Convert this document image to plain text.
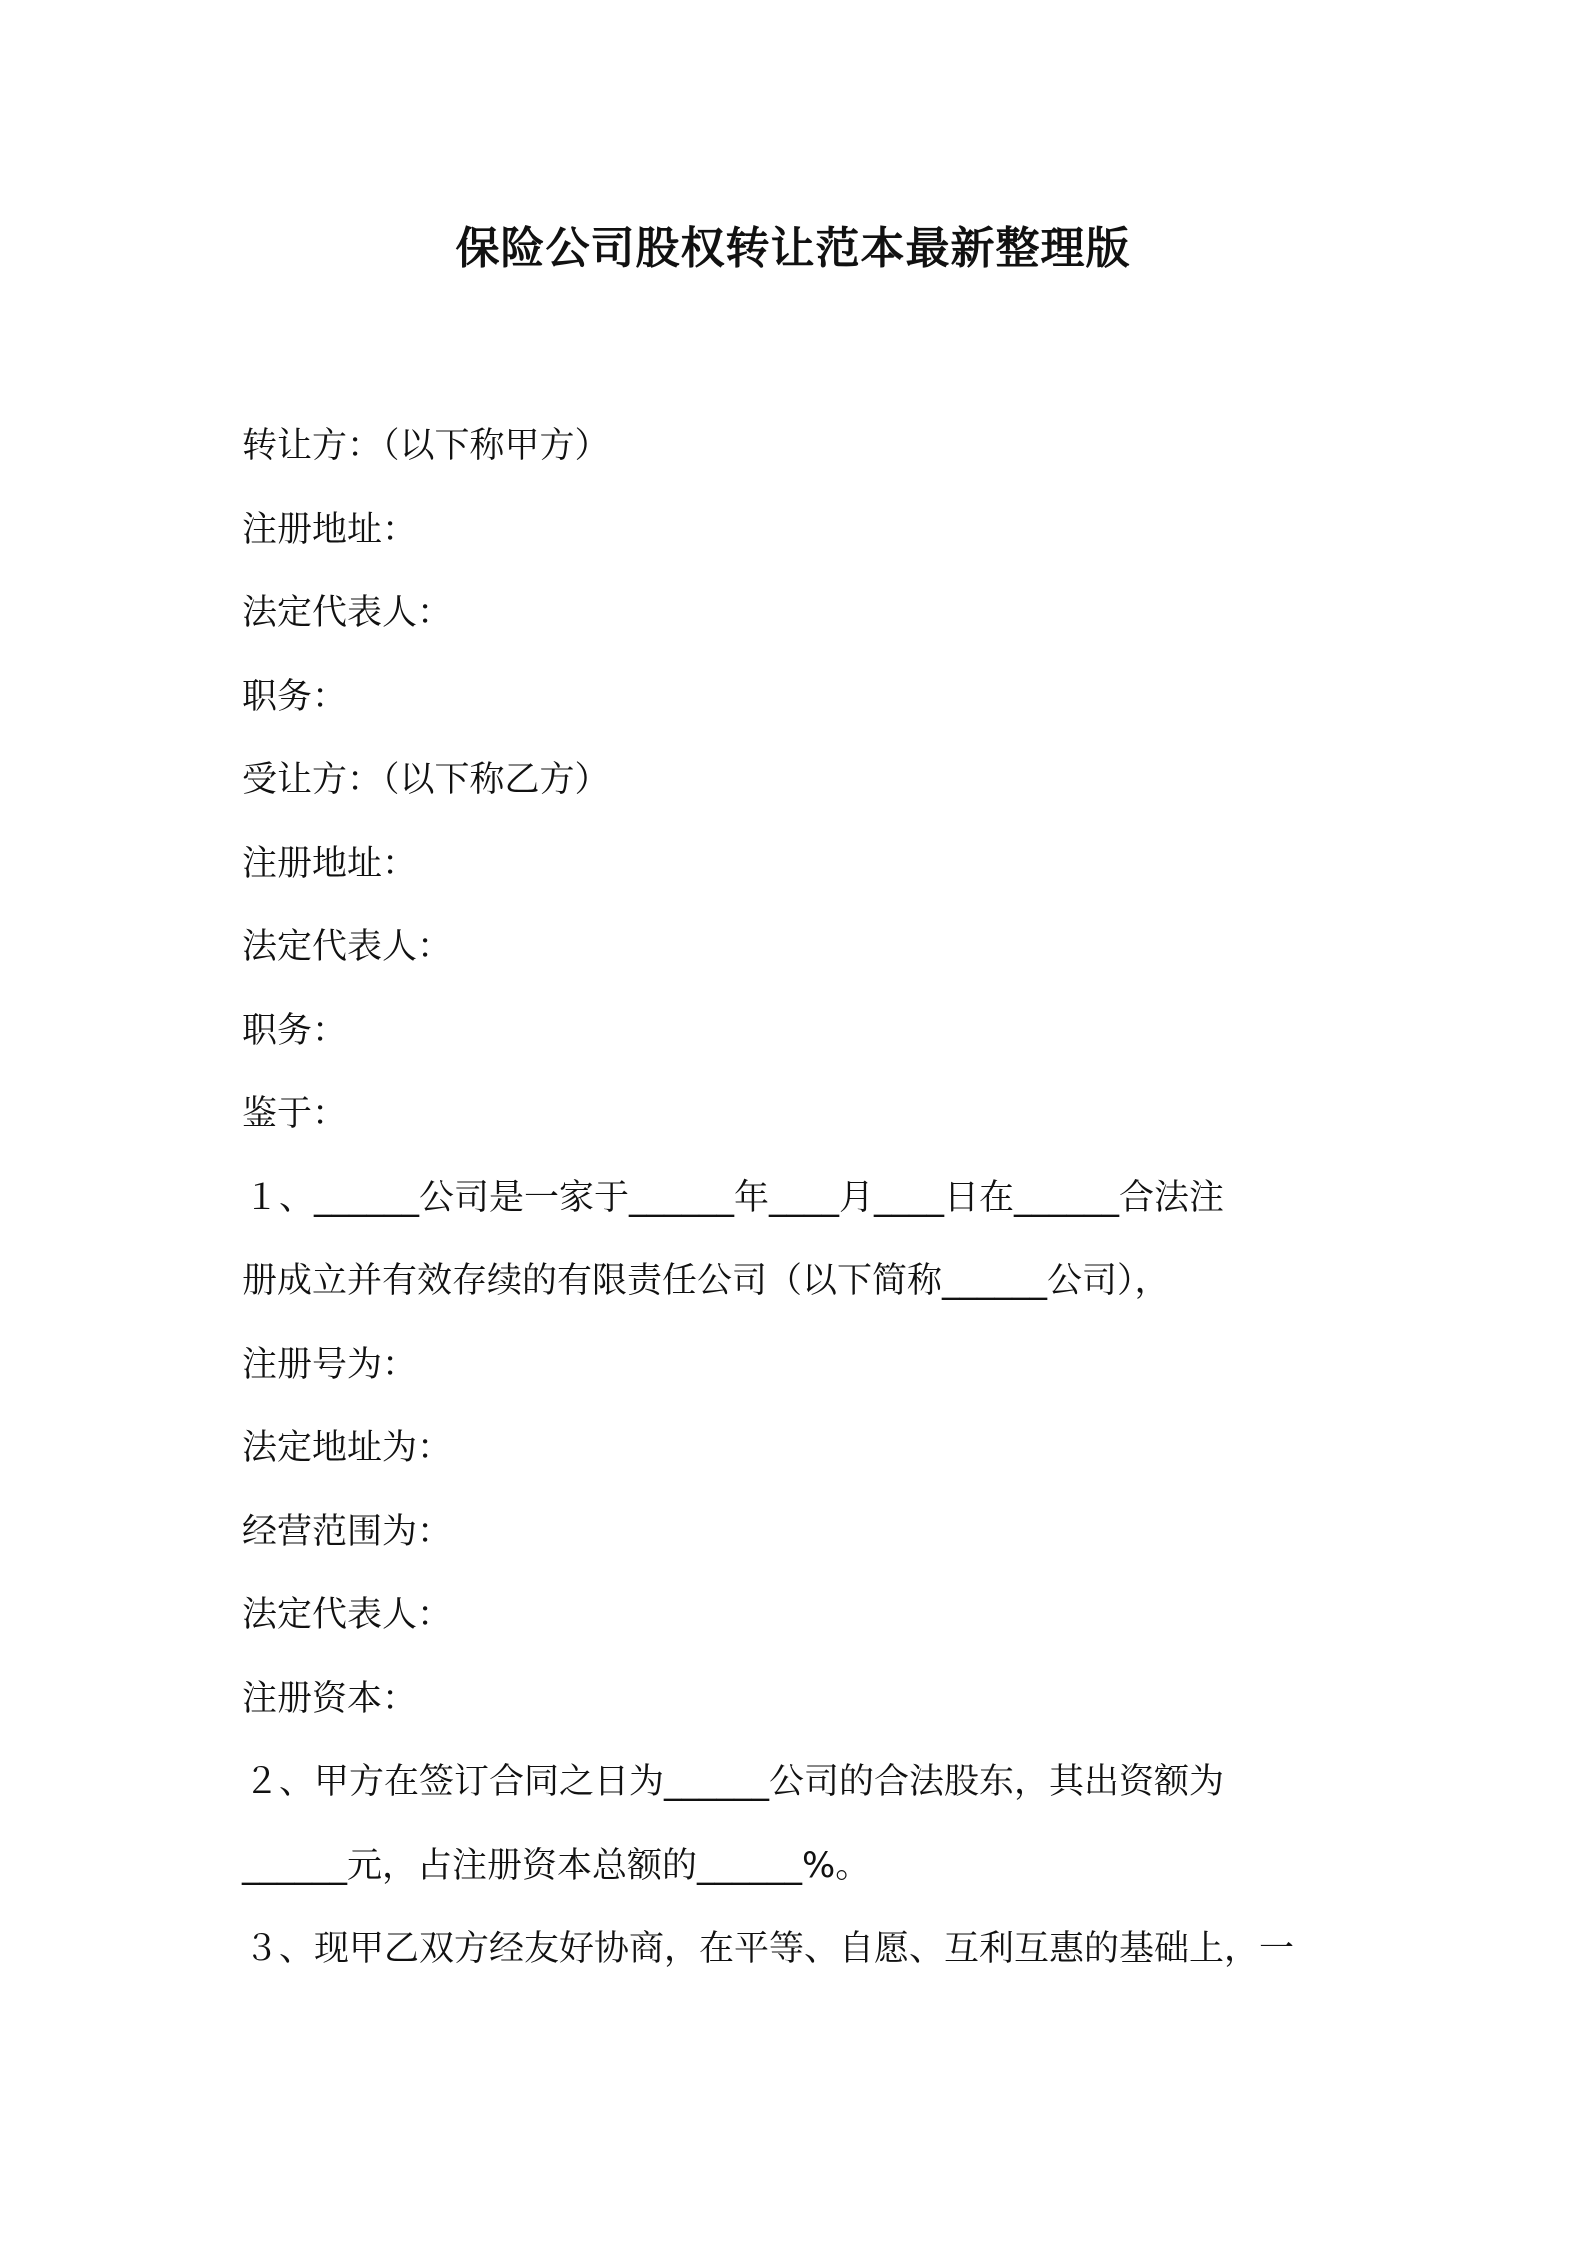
保险公司股权转让范本最新整理版

转让方：（以下称甲方）

注册地址：

法定代表人：

职务：

受让方：（以下称乙方）

注册地址：

法定代表人：

职务：

鉴于：

１、______公司是一家于______年____月____日在______合法注

册成立并有效存续的有限责任公司（以下简称______公司），

注册号为：

法定地址为：

经营范围为：

法定代表人：

注册资本：

２、甲方在签订合同之日为______公司的合法股东，其出资额为

______元，占注册资本总额的______%。

３、现甲乙双方经友好协商，在平等、自愿、互利互惠的基础上，一
